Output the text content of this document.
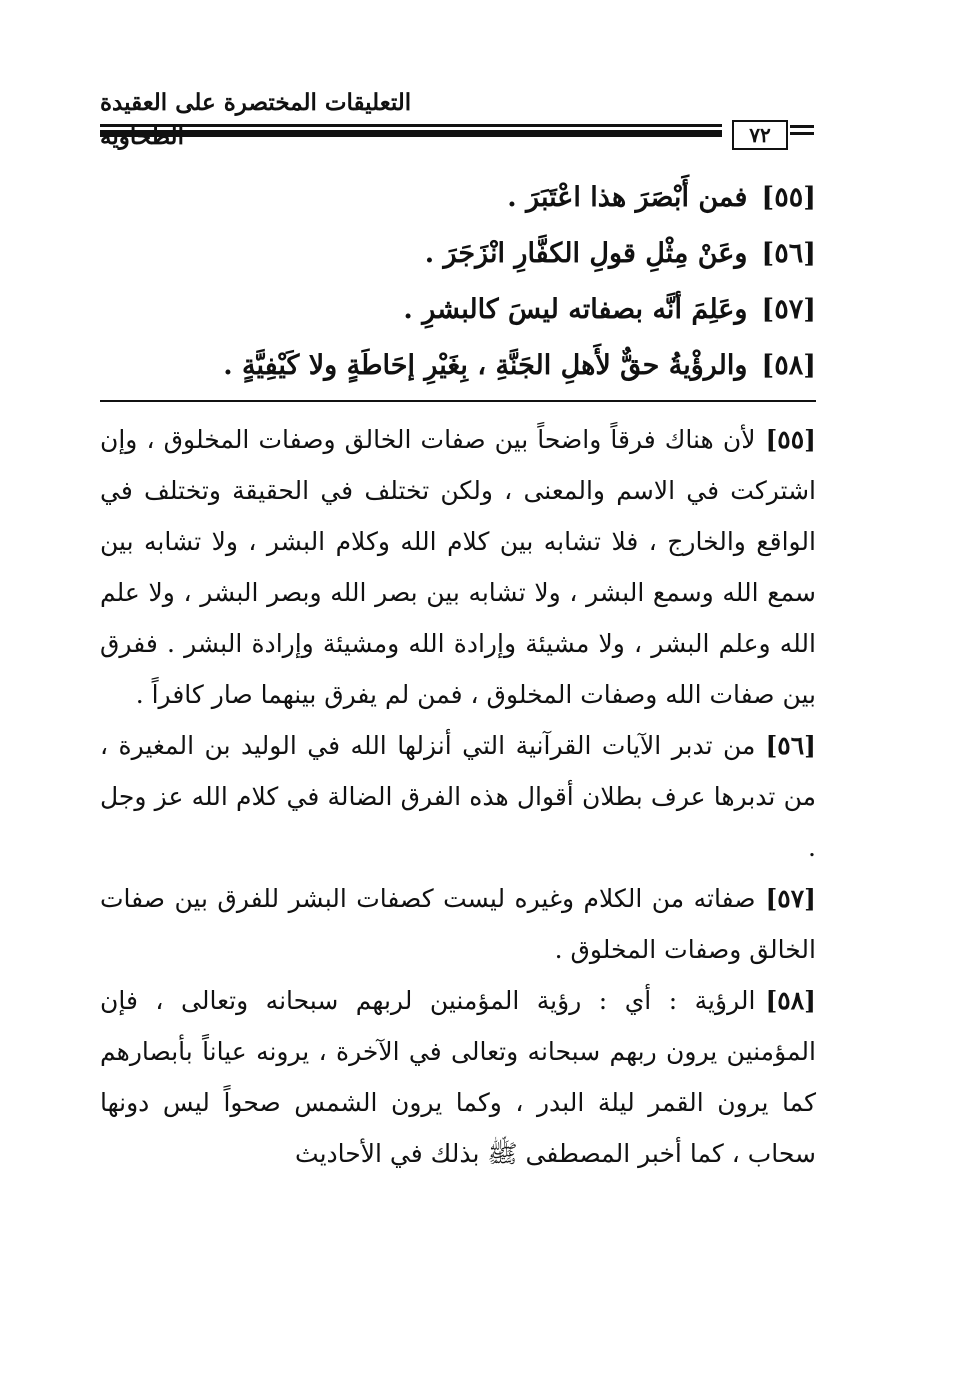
التعليقات المختصرة على العقيدة الطحاوية	٧٢
[٥٥]فمن أَبْصَرَ هذا اعْتَبَرَ .
[٥٦]وعَنْ مِثْلِ قولِ الكفَّارِ انْزَجَرَ .
[٥٧]وعَلِمَ أنَّه بصفاته ليسَ كالبشرِ .
[٥٨]والرؤْيةُ حقٌّ لأَهلِ الجَنَّةِ ، بِغَيْرِ إحَاطَةٍ ولا كَيْفِيَّةٍ .

[٥٥]لأن هناك فرقاً واضحاً بين صفات الخالق وصفات المخلوق ، وإن اشتركت في الاسم والمعنى ، ولكن تختلف في الحقيقة وتختلف في الواقع والخارج ، فلا تشابه بين كلام الله وكلام البشر ، ولا تشابه بين سمع الله وسمع البشر ، ولا تشابه بين بصر الله وبصر البشر ، ولا علم الله وعلم البشر ، ولا مشيئة وإرادة الله ومشيئة وإرادة البشر . ففرق بين صفات الله وصفات المخلوق ، فمن لم يفرق بينهما صار كافراً .

[٥٦]من تدبر الآيات القرآنية التي أنزلها الله في الوليد بن المغيرة ، من تدبرها عرف بطلان أقوال هذه الفرق الضالة في كلام الله عز وجل .

[٥٧]صفاته من الكلام وغيره ليست كصفات البشر للفرق بين صفات الخالق وصفات المخلوق .

[٥٨]الرؤية : أي : رؤية المؤمنين لربهم سبحانه وتعالى ، فإن المؤمنين يرون ربهم سبحانه وتعالى في الآخرة ، يرونه عياناً بأبصارهم كما يرون القمر ليلة البدر ، وكما يرون الشمس صحواً ليس دونها سحاب ، كما أخبر المصطفى ﷺ بذلك في الأحاديث
